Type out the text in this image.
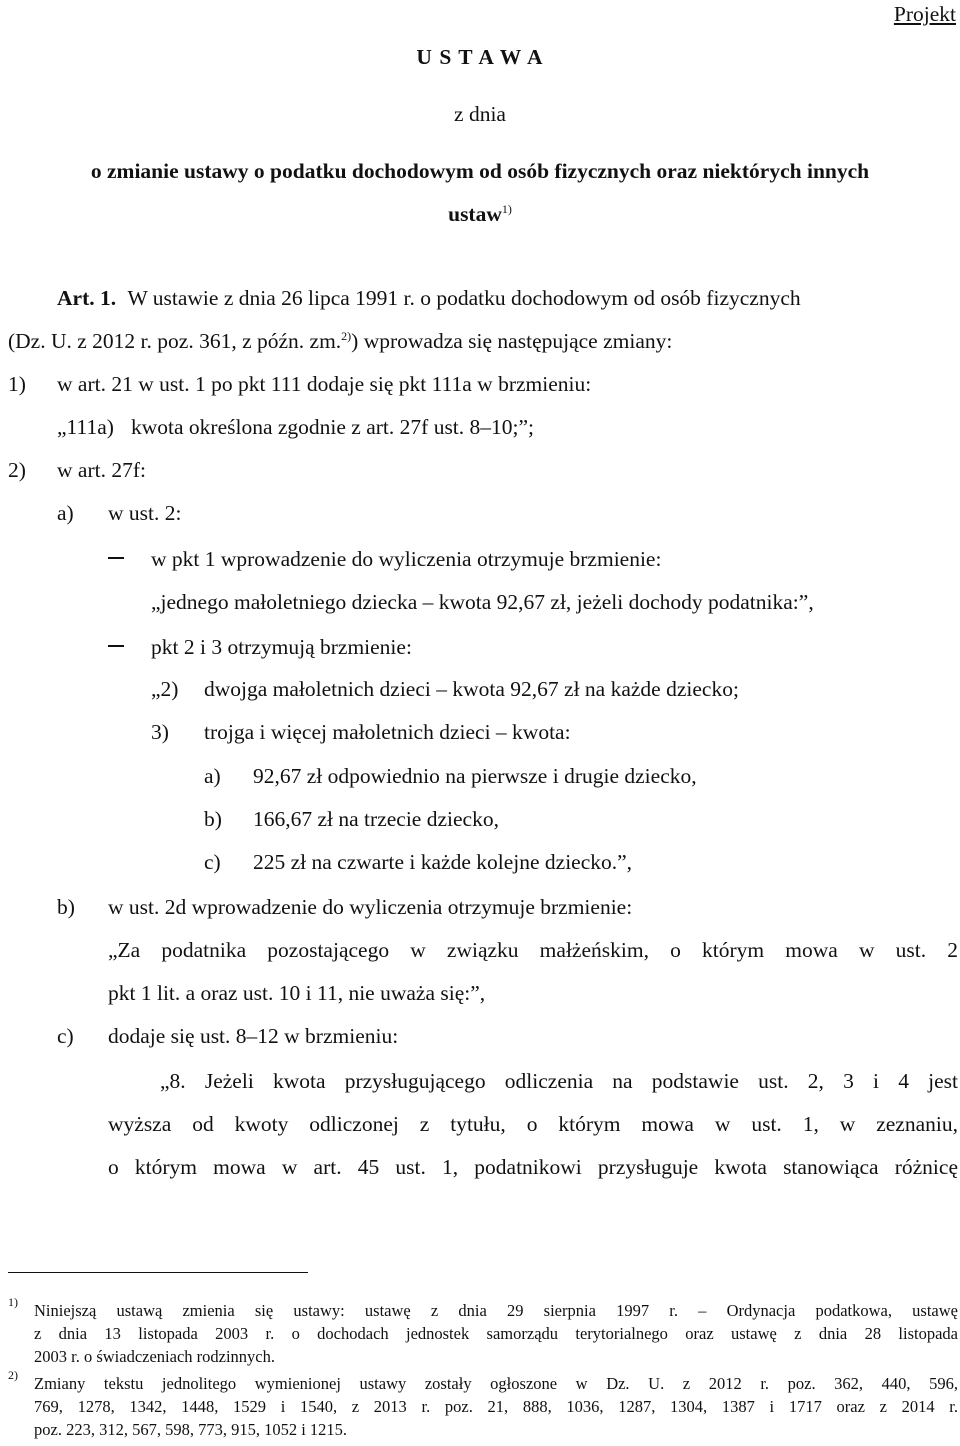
Projekt
U S T A W A
z dnia
o zmianie ustawy o podatku dochodowym od osób fizycznych oraz niektórych innych
ustaw$^{1)}$
Art. 1. W ustawie z dnia 26 lipca 1991 r. o podatku dochodowym od osób fizycznych
(Dz. U. z 2012 r. poz. 361, z późn. zm.$^{2)}$) wprowadza się następujące zmiany:
1) w art. 21 w ust. 1 po pkt 111 dodaje się pkt 111a w brzmieniu:
„111a) kwota określona zgodnie z art. 27f ust. 8–10;”;
2) w art. 27f:
a) w ust. 2:
w pkt 1 wprowadzenie do wyliczenia otrzymuje brzmienie:
„jednego małoletniego dziecka – kwota 92,67 zł, jeżeli dochody podatnika:”,
pkt 2 i 3 otrzymują brzmienie:
„2) dwojga małoletnich dzieci – kwota 92,67 zł na każde dziecko;
3) trojga i więcej małoletnich dzieci – kwota:
a) 92,67 zł odpowiednio na pierwsze i drugie dziecko,
b) 166,67 zł na trzecie dziecko,
c) 225 zł na czwarte i każde kolejne dziecko.”,
b) w ust. 2d wprowadzenie do wyliczenia otrzymuje brzmienie:
„Za podatnika pozostającego w związku małżeńskim, o którym mowa w ust. 2
pkt 1 lit. a oraz ust. 10 i 11, nie uważa się:”,
c) dodaje się ust. 8–12 w brzmieniu:
„8. Jeżeli kwota przysługującego odliczenia na podstawie ust. 2, 3 i 4 jest
wyższa od kwoty odliczonej z tytułu, o którym mowa w ust. 1, w zeznaniu,
o którym mowa w art. 45 ust. 1, podatnikowi przysługuje kwota stanowiąca różnicę
1) Niniejszą ustawą zmienia się ustawy: ustawę z dnia 29 sierpnia 1997 r. – Ordynacja podatkowa, ustawę
z dnia 13 listopada 2003 r. o dochodach jednostek samorządu terytorialnego oraz ustawę z dnia 28 listopada
2003 r. o świadczeniach rodzinnych.
2) Zmiany tekstu jednolitego wymienionej ustawy zostały ogłoszone w Dz. U. z 2012 r. poz. 362, 440, 596,
769, 1278, 1342, 1448, 1529 i 1540, z 2013 r. poz. 21, 888, 1036, 1287, 1304, 1387 i 1717 oraz z 2014 r.
poz. 223, 312, 567, 598, 773, 915, 1052 i 1215.
